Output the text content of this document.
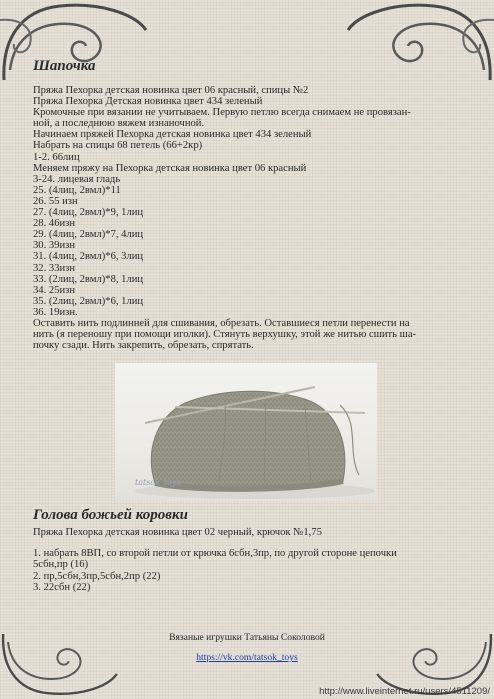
Шапочка
Пряжа Пехорка детская новинка цвет 06 красный, спицы №2
Пряжа Пехорка Детская новинка цвет 434 зеленый
Кромочные при вязании не учитываем. Первую петлю всегда снимаем не провязан-
ной, а последнюю вяжем изнаночной.
Начинаем пряжей Пехорка детская новинка цвет 434 зеленый
Набрать на спицы 68 петель (66+2кр)
1-2. 66лиц
Меняем пряжу на Пехорка детская новинка цвет 06 красный
3-24. лицевая гладь
25. (4лиц, 2вмл)*11
26. 55 изн
27. (4лиц, 2вмл)*9, 1лиц
28. 46изн
29. (4лиц, 2вмл)*7, 4лиц
30. 39изн
31. (4лиц, 2вмл)*6, 3лиц
32. 33изн
33. (2лиц, 2вмл)*8, 1лиц
34. 25изн
35. (2лиц, 2вмл)*6, 1лиц
36. 19изн.
Оставить нить подлинней для сшивания, обрезать. Оставшиеся петли перенести на
нить (я переношу при помощи иголки). Стянуть верхушку, этой же нитью сшить ша-
почку сзади. Нить закрепить, обрезать, спрятать.
tatsok_toys
Голова божьей коровки
Пряжа Пехорка детская новинка цвет 02 черный, крючок №1,75
1. набрать 8ВП, со второй петли от крючка 6сбн,3пр, по другой стороне цепочки
5сбн,пр (16)
2. пр,5сбн,3пр,5сбн,2пр (22)
3. 22сбн (22)
Вязаные игрушки Татьяны Соколовой
https://vk.com/tatsok_toys
http://www.liveinternet.ru/users/4511209/
